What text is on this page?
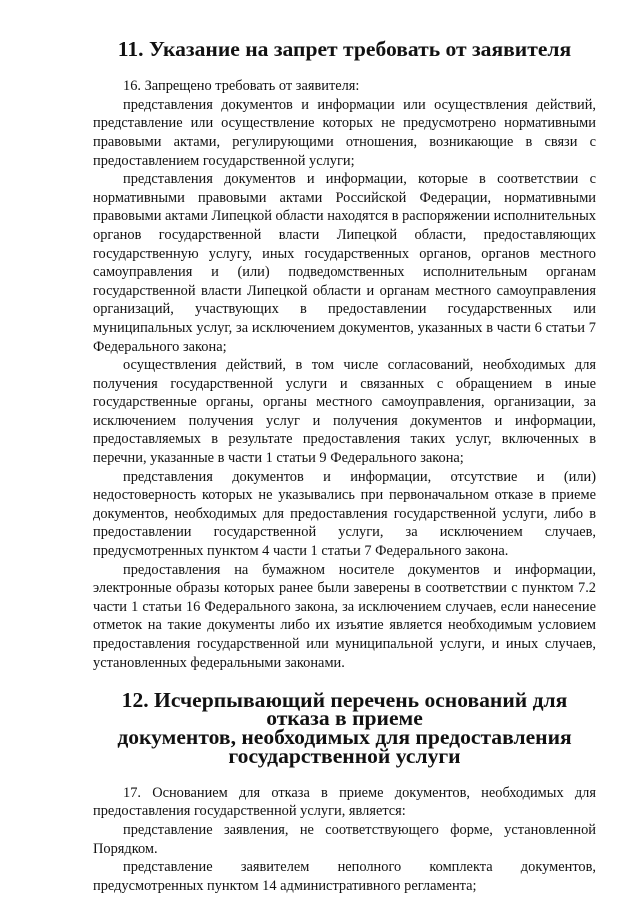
11. Указание на запрет требовать от заявителя

16. Запрещено требовать от заявителя:

представления документов и информации или осуществления действий, представление или осуществление которых не предусмотрено нормативными правовыми актами, регулирующими отношения, возникающие в связи с предоставлением государственной услуги;

представления документов и информации, которые в соответствии с нормативными правовыми актами Российской Федерации, нормативными правовыми актами Липецкой области находятся в распоряжении исполнительных органов государственной власти Липецкой области, предоставляющих государственную услугу, иных государственных органов, органов местного самоуправления и (или) подведомственных исполнительным органам государственной власти Липецкой области и органам местного самоуправления организаций, участвующих в предоставлении государственных или муниципальных услуг, за исключением документов, указанных в части 6 статьи 7 Федерального закона;

осуществления действий, в том числе согласований, необходимых для получения государственной услуги и связанных с обращением в иные государственные органы, органы местного самоуправления, организации, за исключением получения услуг и получения документов и информации, предоставляемых в результате предоставления таких услуг, включенных в перечни, указанные в части 1 статьи 9 Федерального закона;

представления документов и информации, отсутствие и (или) недостоверность которых не указывались при первоначальном отказе в приеме документов, необходимых для предоставления государственной услуги, либо в предоставлении государственной услуги, за исключением случаев, предусмотренных пунктом 4 части 1 статьи 7 Федерального закона.

предоставления на бумажном носителе документов и информации, электронные образы которых ранее были заверены в соответствии с пунктом 7.2 части 1 статьи 16 Федерального закона, за исключением случаев, если нанесение отметок на такие документы либо их изъятие является необходимым условием предоставления государственной или муниципальной услуги, и иных случаев, установленных федеральными законами.

12. Исчерпывающий перечень оснований для отказа в приеме
документов, необходимых для предоставления
государственной услуги

17. Основанием для отказа в приеме документов, необходимых для предоставления государственной услуги, является:

представление заявления, не соответствующего форме, установленной Порядком.

представление заявителем неполного комплекта документов, предусмотренных пунктом 14 административного регламента;
